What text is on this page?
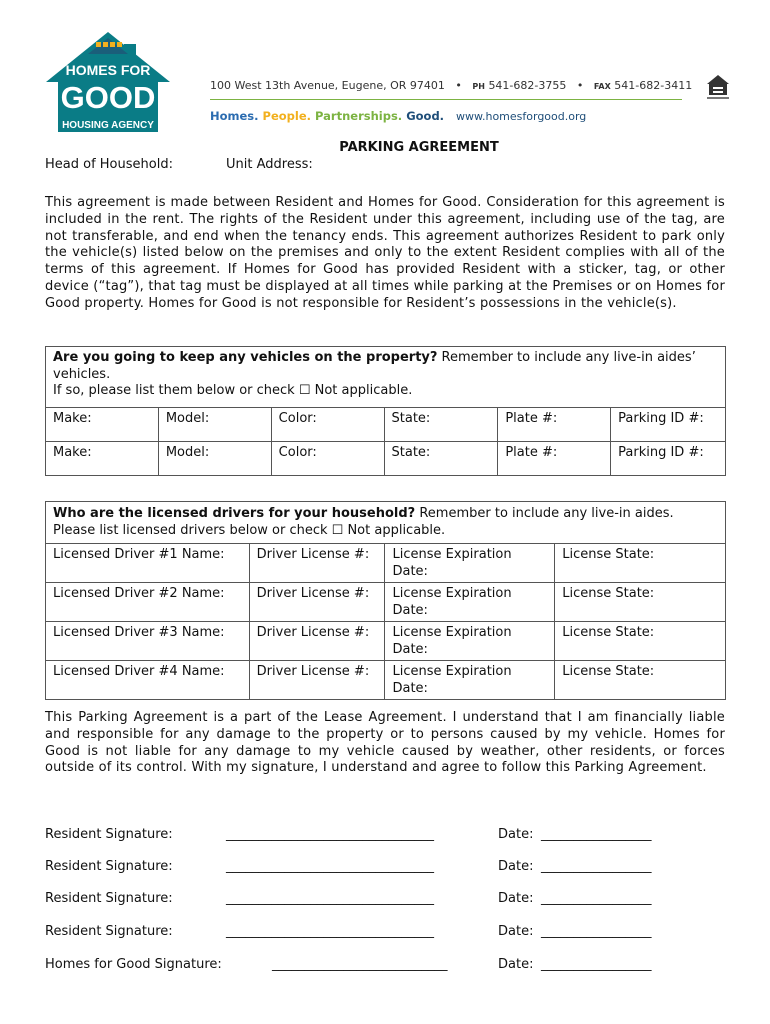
HOMES FOR
GOOD
HOUSING AGENCY
100 West 13th Avenue, Eugene, OR 97401 • PH 541-682-3755 • FAX 541-682-3411
Homes. People. Partnerships. Good. www.homesforgood.org
PARKING AGREEMENT
Head of Household:	Unit Address:
This agreement is made between Resident and Homes for Good. Consideration for this agreement is included in the rent. The rights of the Resident under this agreement, including use of the tag, are not transferable, and end when the tenancy ends. This agreement authorizes Resident to park only the vehicle(s) listed below on the premises and only to the extent Resident complies with all of the terms of this agreement. If Homes for Good has provided Resident with a sticker, tag, or other device (“tag”), that tag must be displayed at all times while parking at the Premises or on Homes for Good property. Homes for Good is not responsible for Resident’s possessions in the vehicle(s).
Are you going to keep any vehicles on the property? Remember to include any live-in aides’ vehicles.
If so, please list them below or check ☐ Not applicable.					
Make:	Model:	Color:	State:	Plate #:	Parking ID #:
Make:	Model:	Color:	State:	Plate #:	Parking ID #:
Who are the licensed drivers for your household? Remember to include any live-in aides. Please list licensed drivers below or check ☐ Not applicable.			
Licensed Driver #1 Name:	Driver License #:	License Expiration Date:	License State:
Licensed Driver #2 Name:	Driver License #:	License Expiration Date:	License State:
Licensed Driver #3 Name:	Driver License #:	License Expiration Date:	License State:
Licensed Driver #4 Name:	Driver License #:	License Expiration Date:	License State:
This Parking Agreement is a part of the Lease Agreement. I understand that I am financially liable and responsible for any damage to the property or to persons caused by my vehicle. Homes for Good is not liable for any damage to my vehicle caused by weather, other residents, or forces outside of its control. With my signature, I understand and agree to follow this Parking Agreement.
Resident Signature:	________________________________	Date: _________________
Resident Signature:	________________________________	Date: _________________
Resident Signature:	________________________________	Date: _________________
Resident Signature:	________________________________	Date: _________________
Homes for Good Signature:	___________________________	Date: _________________
